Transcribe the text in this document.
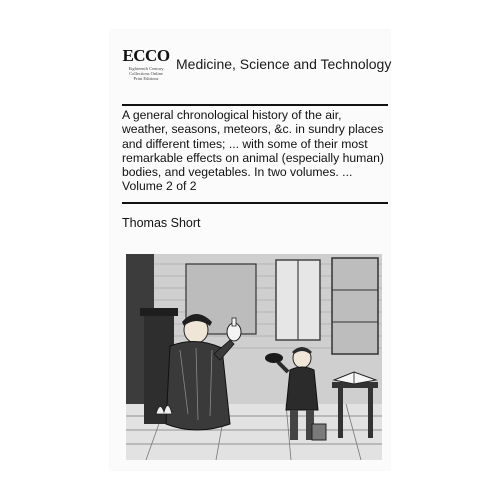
ECCO
Eighteenth Century
Collections Online
Print Editions
Medicine, Science and Technology
A general chronological history of the air, weather, seasons, meteors, &c. in sundry places and different times; ... with some of their most remarkable effects on animal (especially human) bodies, and vegetables. In two volumes. ... Volume 2 of 2
Thomas Short
